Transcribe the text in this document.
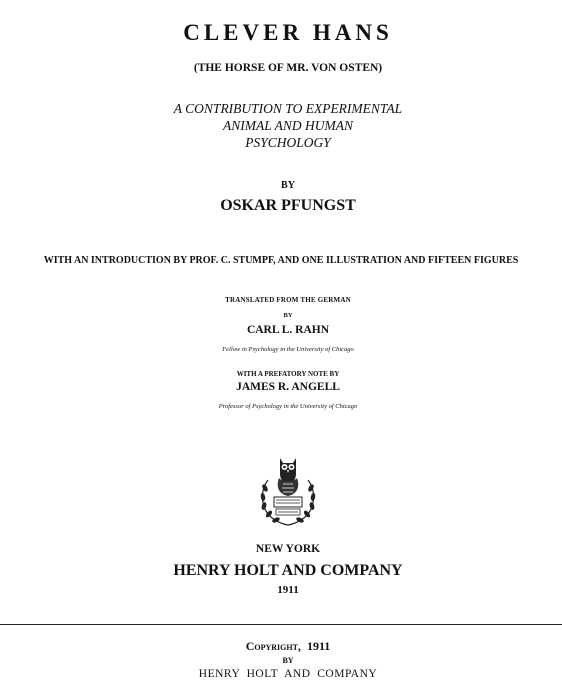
CLEVER HANS
(THE HORSE OF MR. VON OSTEN)
A CONTRIBUTION TO EXPERIMENTAL
ANIMAL AND HUMAN
PSYCHOLOGY
BY
OSKAR PFUNGST
WITH AN INTRODUCTION BY PROF. C. STUMPF, AND ONE ILLUSTRATION AND FIFTEEN FIGURES
TRANSLATED FROM THE GERMAN
BY
CARL L. RAHN
Fellow in Psychology in the University of Chicago
WITH A PREFATORY NOTE BY
JAMES R. ANGELL
Professor of Psychology in the University of Chicago
NEW YORK
HENRY HOLT AND COMPANY
1911
Copyright, 1911
BY
HENRY  HOLT  AND  COMPANY
